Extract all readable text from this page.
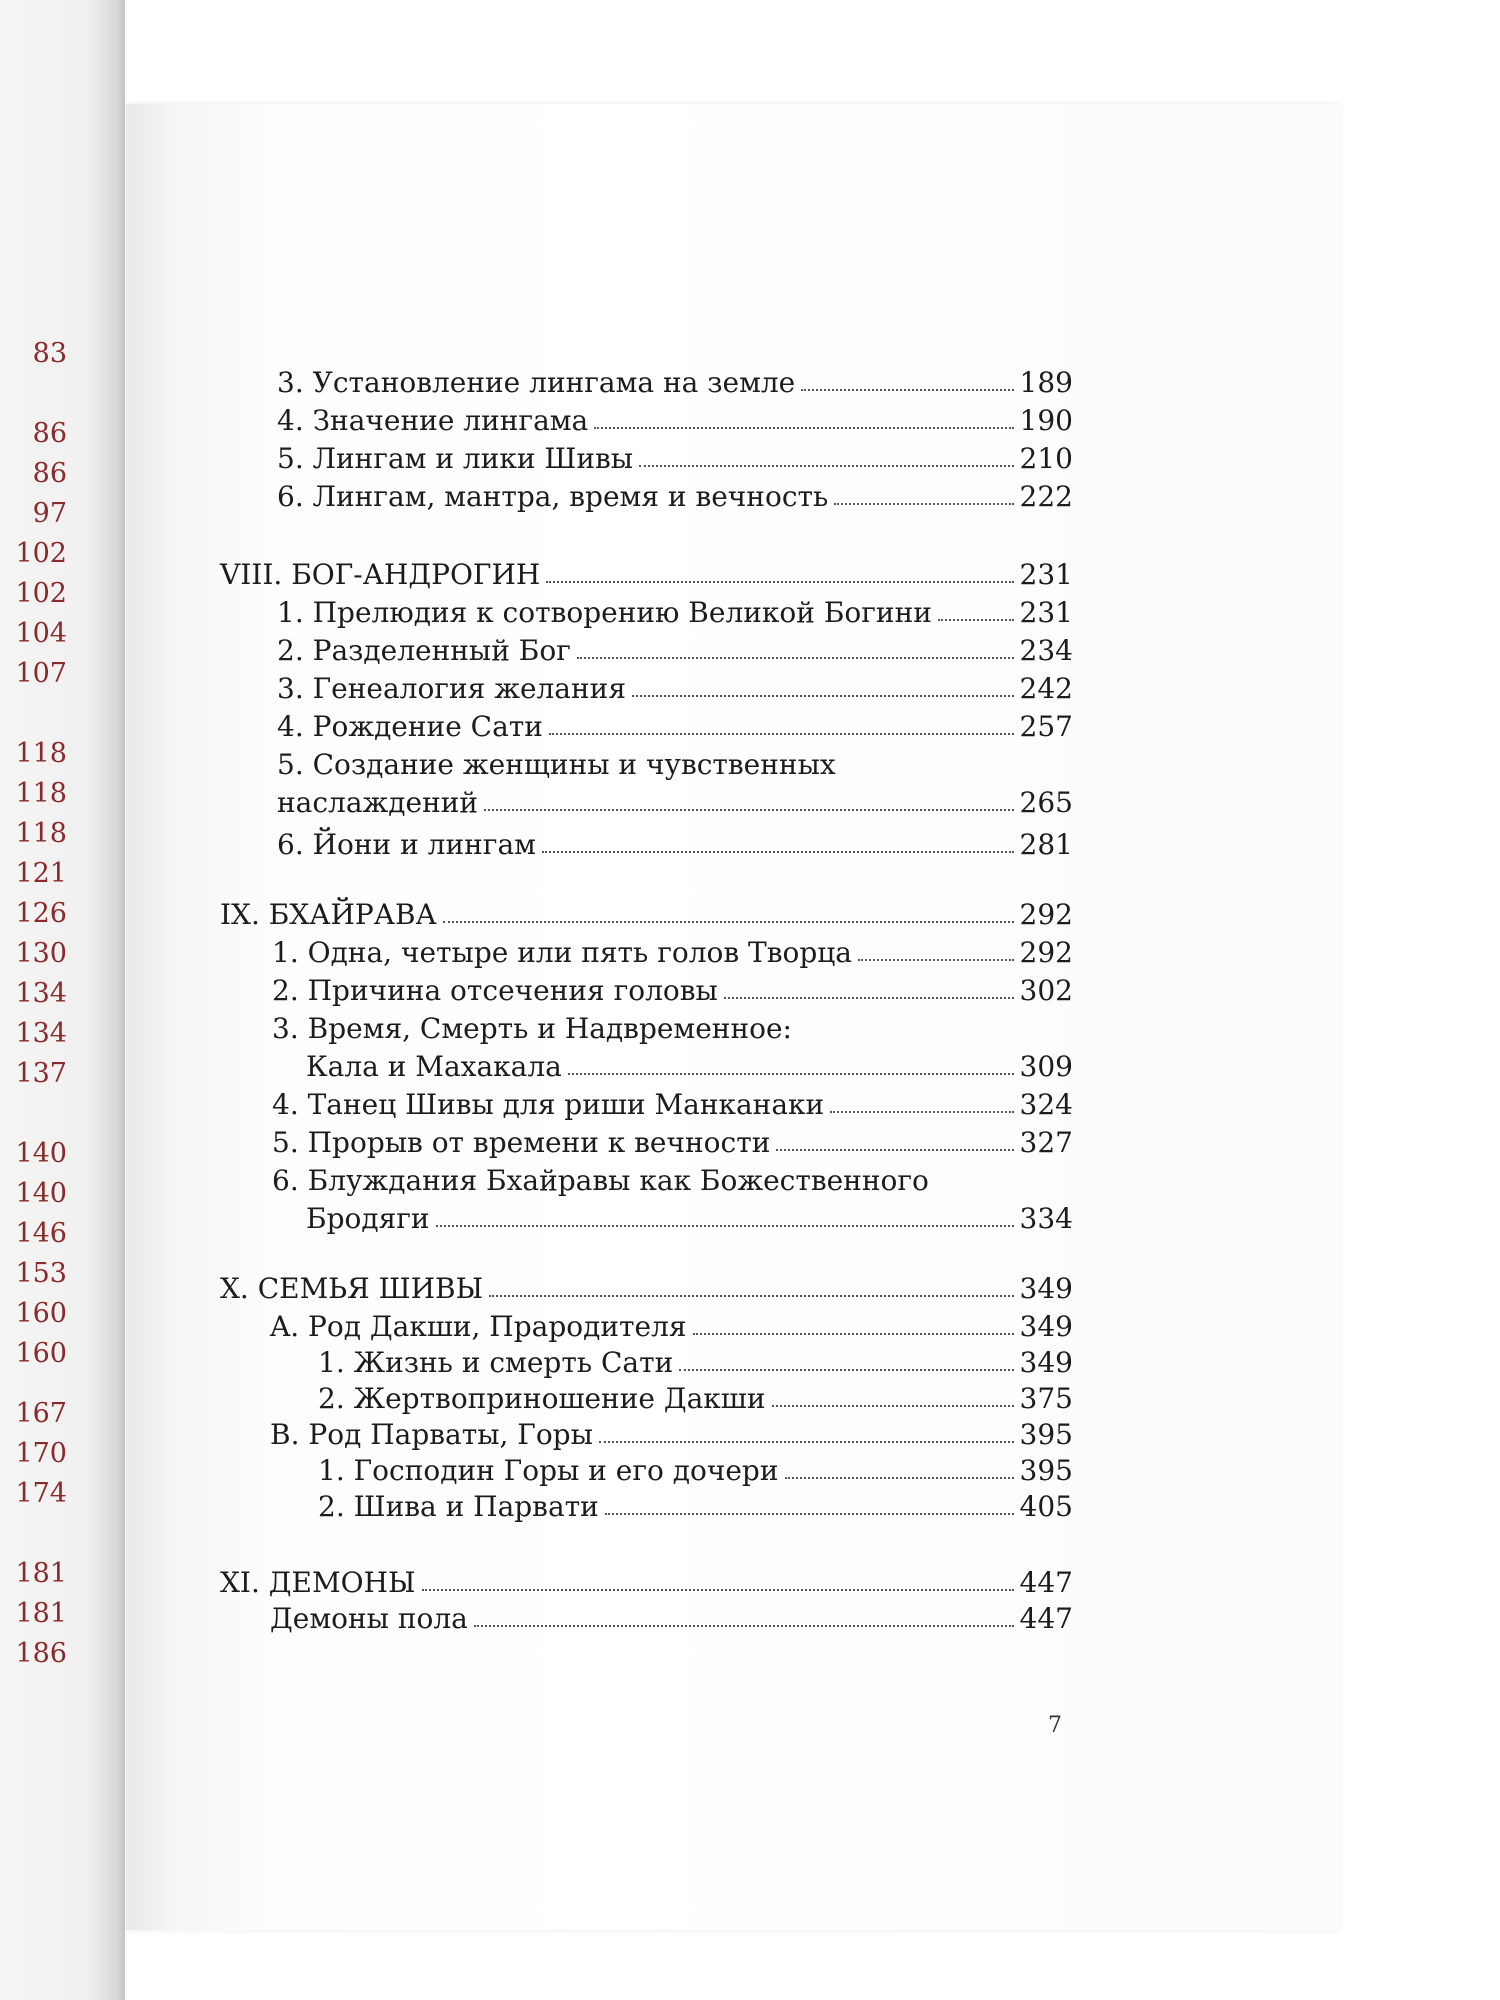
83
86
86
97
102
102
104
107
118
118
118
121
126
130
134
134
137
140
140
146
153
160
160
167
170
174
181
181
186
3. Установление лингама на земле	189
4. Значение лингама	190
5. Лингам и лики Шивы	210
6. Лингам, мантра, время и вечность	222
VIII. БОГ-АНДРОГИН	231
1. Прелюдия к сотворению Великой Богини	231
2. Разделенный Бог	234
3. Генеалогия желания	242
4. Рождение Сати	257
5. Создание женщины и чувственных
наслаждений	265
6. Йони и лингам	281
IX. БХАЙРАВА	292
1. Одна, четыре или пять голов Творца	292
2. Причина отсечения головы	302
3. Время, Смерть и Надвременное:
Кала и Махакала	309
4. Танец Шивы для риши Манканаки	324
5. Прорыв от времени к вечности	327
6. Блуждания Бхайравы как Божественного
Бродяги	334
X. СЕМЬЯ ШИВЫ	349
A. Род Дакши, Прародителя	349
1. Жизнь и смерть Сати	349
2. Жертвоприношение Дакши	375
B. Род Парваты, Горы	395
1. Господин Горы и его дочери	395
2. Шива и Парвати	405
XI. ДЕМОНЫ	447
Демоны пола	447
7
